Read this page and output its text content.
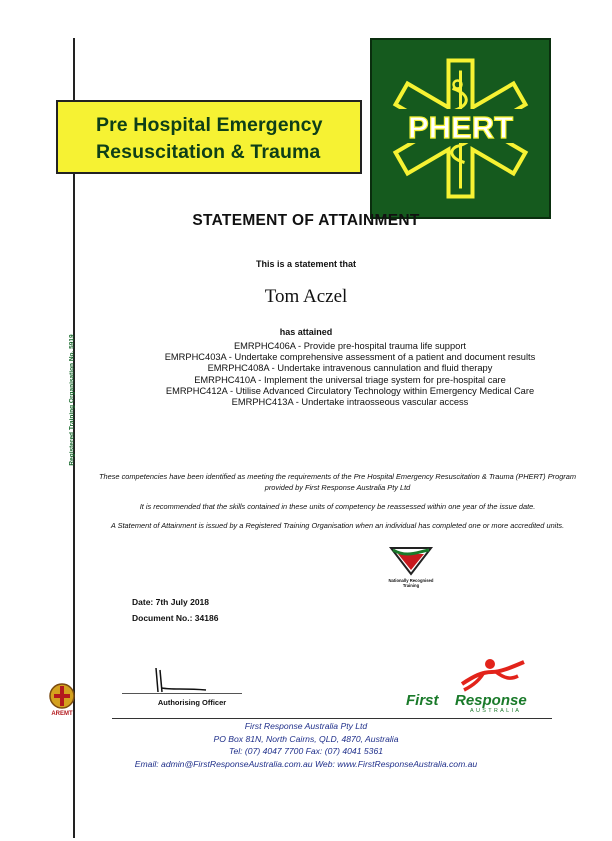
Registered Training Organisation No. 5919
Pre Hospital Emergency
Resuscitation & Trauma
PHERT
STATEMENT OF ATTAINMENT
This is a statement that
Tom Aczel
has attained
EMRPHC406A - Provide pre-hospital trauma life support
EMRPHC403A - Undertake comprehensive assessment of a patient and document results
EMRPHC408A - Undertake intravenous cannulation and fluid therapy
EMRPHC410A - Implement the universal triage system for pre-hospital care
EMRPHC412A - Utilise Advanced Circulatory Technology within Emergency Medical Care
EMRPHC413A - Undertake intraosseous vascular access
These competencies have been identified as meeting the requirements of the Pre Hospital Emergency Resuscitation & Trauma (PHERT) Program provided by First Response Australia Pty Ltd
It is recommended that the skills contained in these units of competency be reassessed within one year of the issue date.
A Statement of Attainment is issued by a Registered Training Organisation when an individual has completed one or more accredited units.
Nationally Recognised
Training
Date: 7th July 2018
Document No.: 34186
Authorising Officer
AREMT
First Response
AUSTRALIA
First Response Australia Pty Ltd
PO Box 81N, North Cairns, QLD, 4870, Australia
Tel: (07) 4047 7700 Fax: (07) 4041 5361
Email: admin@FirstResponseAustralia.com.au Web: www.FirstResponseAustralia.com.au
